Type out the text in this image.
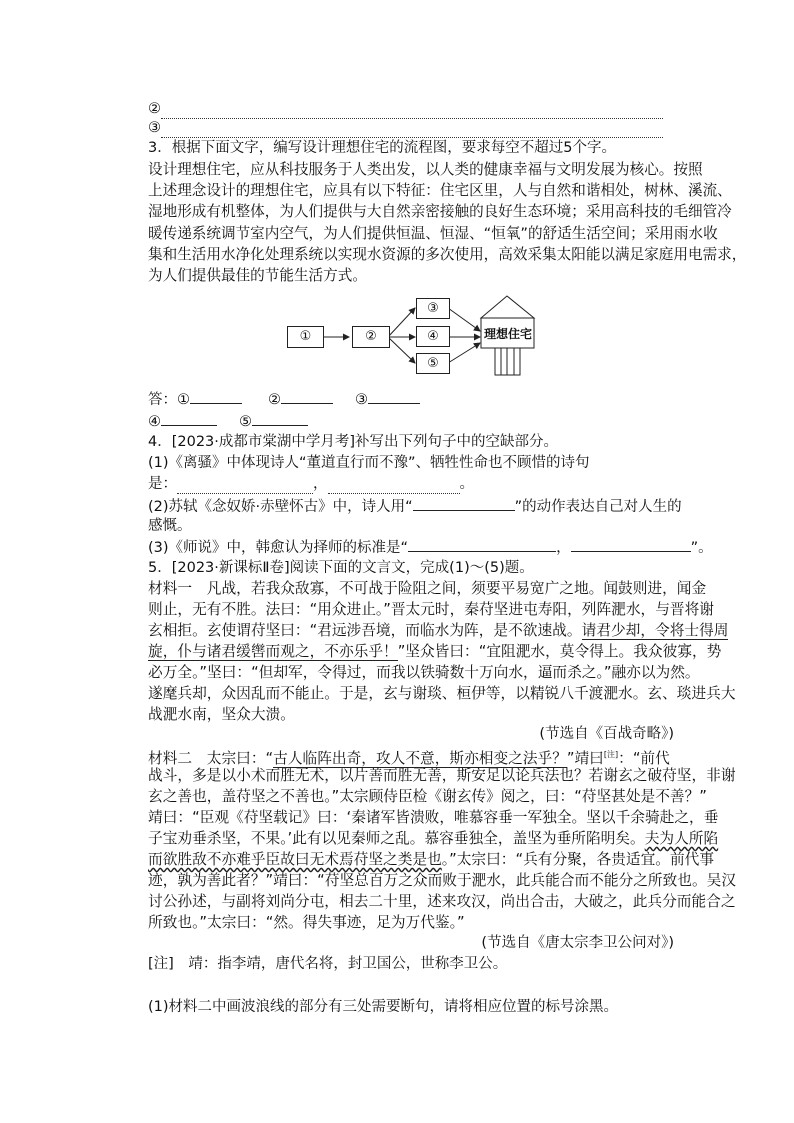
②
③
3．根据下面文字，编写设计理想住宅的流程图，要求每空不超过5个字。
设计理想住宅，应从科技服务于人类出发，以人类的健康幸福与文明发展为核心。按照
上述理念设计的理想住宅，应具有以下特征：住宅区里，人与自然和谐相处，树林、溪流、
湿地形成有机整体，为人们提供与大自然亲密接触的良好生态环境；采用高科技的毛细管冷
暖传递系统调节室内空气，为人们提供恒温、恒湿、“恒氧”的舒适生活空间；采用雨水收
集和生活用水净化处理系统以实现水资源的多次使用，高效采集太阳能以满足家庭用电需求，
为人们提供最佳的节能生活方式。
①	②
③
④
⑤
理想住宅
答：①	②	③
④	⑤
4．[2023·成都市棠湖中学月考]补写出下列句子中的空缺部分。
(1)《离骚》中体现诗人“董道直行而不豫”、牺牲性命也不顾惜的诗句
是：	，	。
(2)苏轼《念奴娇·赤壁怀古》中，诗人用“	”的动作表达自己对人生的
感慨。
(3)《师说》中，韩愈认为择师的标准是“	，	”。
5．[2023·新课标Ⅱ卷]阅读下面的文言文，完成(1)～(5)题。
材料一　凡战，若我众敌寡，不可战于险阻之间，须要平易宽广之地。闻鼓则进，闻金
则止，无有不胜。法曰：“用众进止。”晋太元时，秦苻坚进屯寿阳，列阵淝水，与晋将谢
玄相拒。玄使谓苻坚曰：“君远涉吾境，而临水为阵，是不欲速战。请君少却，令将士得周
旋，仆与诸君缓辔而观之，不亦乐乎！”坚众皆曰：“宜阻淝水，莫令得上。我众彼寡，势
必万全。”坚曰：“但却军，令得过，而我以铁骑数十万向水，逼而杀之。”融亦以为然。
遂麾兵却，众因乱而不能止。于是，玄与谢琰、桓伊等，以精锐八千渡淝水。玄、琰进兵大
战淝水南，坚众大溃。
(节选自《百战奇略》)
材料二　太宗曰：“古人临阵出奇，攻人不意，斯亦相变之法乎？”靖曰[注]：“前代
战斗，多是以小术而胜无术，以片善而胜无善，斯安足以论兵法也？若谢玄之破苻坚，非谢
玄之善也，盖苻坚之不善也。”太宗顾侍臣检《谢玄传》阅之，曰：“苻坚甚处是不善？”
靖曰：“臣观《苻坚载记》曰：‘秦诸军皆溃败，唯慕容垂一军独全。坚以千余骑赴之，垂
子宝劝垂杀坚，不果。’此有以见秦师之乱。慕容垂独全，盖坚为垂所陷明矣。夫为人所陷
而欲胜敌不亦难乎臣故曰无术焉苻坚之类是也。”太宗曰：“兵有分聚，各贵适宜。前代事
迹，孰为善此者？”靖曰：“苻坚总百万之众而败于淝水，此兵能合而不能分之所致也。吴汉
讨公孙述，与副将刘尚分屯，相去二十里，述来攻汉，尚出合击，大破之，此兵分而能合之
所致也。”太宗曰：“然。得失事迹，足为万代鉴。”
(节选自《唐太宗李卫公问对》)
[注]　靖：指李靖，唐代名将，封卫国公，世称李卫公。
(1)材料二中画波浪线的部分有三处需要断句，请将相应位置的标号涂黑。
